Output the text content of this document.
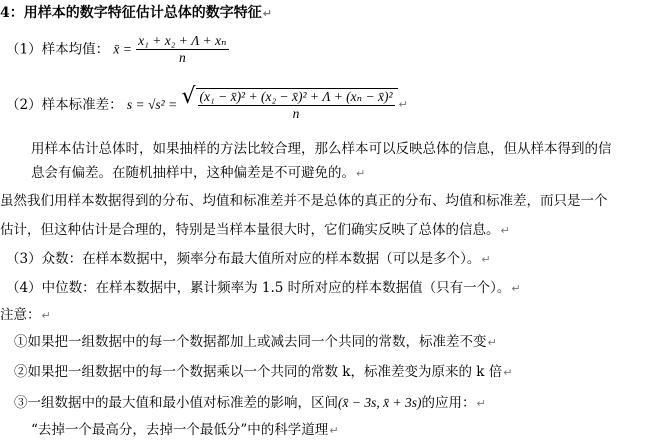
4：用样本的数字特征估计总体的数字特征↵
（1）样本均值： x̄ = $\frac{\text{x₁ + x₂ + Λ + xₙ}}{n}$
（2）样本标准差： s = √s² = √ $\frac{\text{(x₁ − x̄)² + (x₂ − x̄)² + Λ + (xₙ − x̄)²}}{n}$ ↵
用样本估计总体时，如果抽样的方法比较合理，那么样本可以反映总体的信息，但从样本得到的信
息会有偏差。在随机抽样中，这种偏差是不可避免的。↵
虽然我们用样本数据得到的分布、均值和标准差并不是总体的真正的分布、均值和标准差，而只是一个
估计，但这种估计是合理的，特别是当样本量很大时，它们确实反映了总体的信息。↵
（3）众数：在样本数据中，频率分布最大值所对应的样本数据（可以是多个）。↵
（4）中位数：在样本数据中，累计频率为 1.5 时所对应的样本数据值（只有一个）。↵
注意：↵
①如果把一组数据中的每一个数据都加上或减去同一个共同的常数，标准差不变↵
②如果把一组数据中的每一个数据乘以一个共同的常数 k，标准差变为原来的 k 倍↵
③一组数据中的最大值和最小值对标准差的影响，区间(x̄ − 3s, x̄ + 3s)的应用：↵
“去掉一个最高分，去掉一个最低分”中的科学道理↵
